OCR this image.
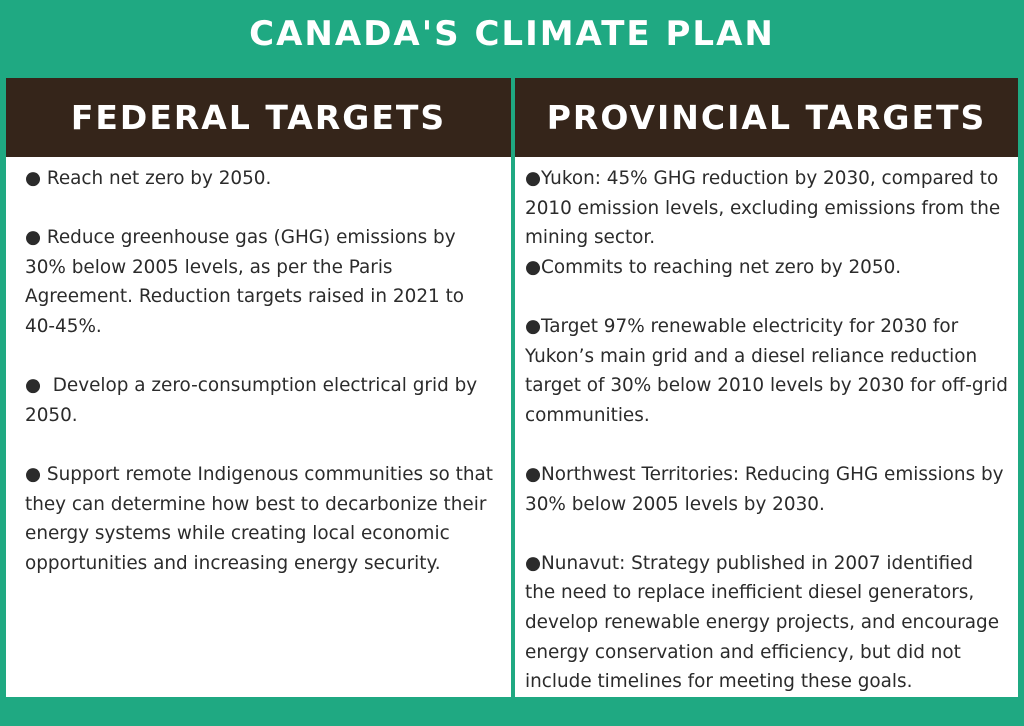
CANADA'S CLIMATE PLAN
FEDERAL TARGETS

● Reach net zero by 2050.

● Reduce greenhouse gas (GHG) emissions by 30% below 2005 levels, as per the Paris Agreement. Reduction targets raised in 2021 to 40-45%.

●  Develop a zero-consumption electrical grid by 2050.

● Support remote Indigenous communities so that they can determine how best to decarbonize their energy systems while creating local economic opportunities and increasing energy security.

PROVINCIAL TARGETS

●Yukon: 45% GHG reduction by 2030, compared to 2010 emission levels, excluding emissions from the mining sector.

●Commits to reaching net zero by 2050.

●Target 97% renewable electricity for 2030 for Yukon’s main grid and a diesel reliance reduction target of 30% below 2010 levels by 2030 for off-grid communities.

●Northwest Territories: Reducing GHG emissions by 30% below 2005 levels by 2030.

●Nunavut: Strategy published in 2007 identified the need to replace inefficient diesel generators, develop renewable energy projects, and encourage energy conservation and efficiency, but did not include timelines for meeting these goals.
